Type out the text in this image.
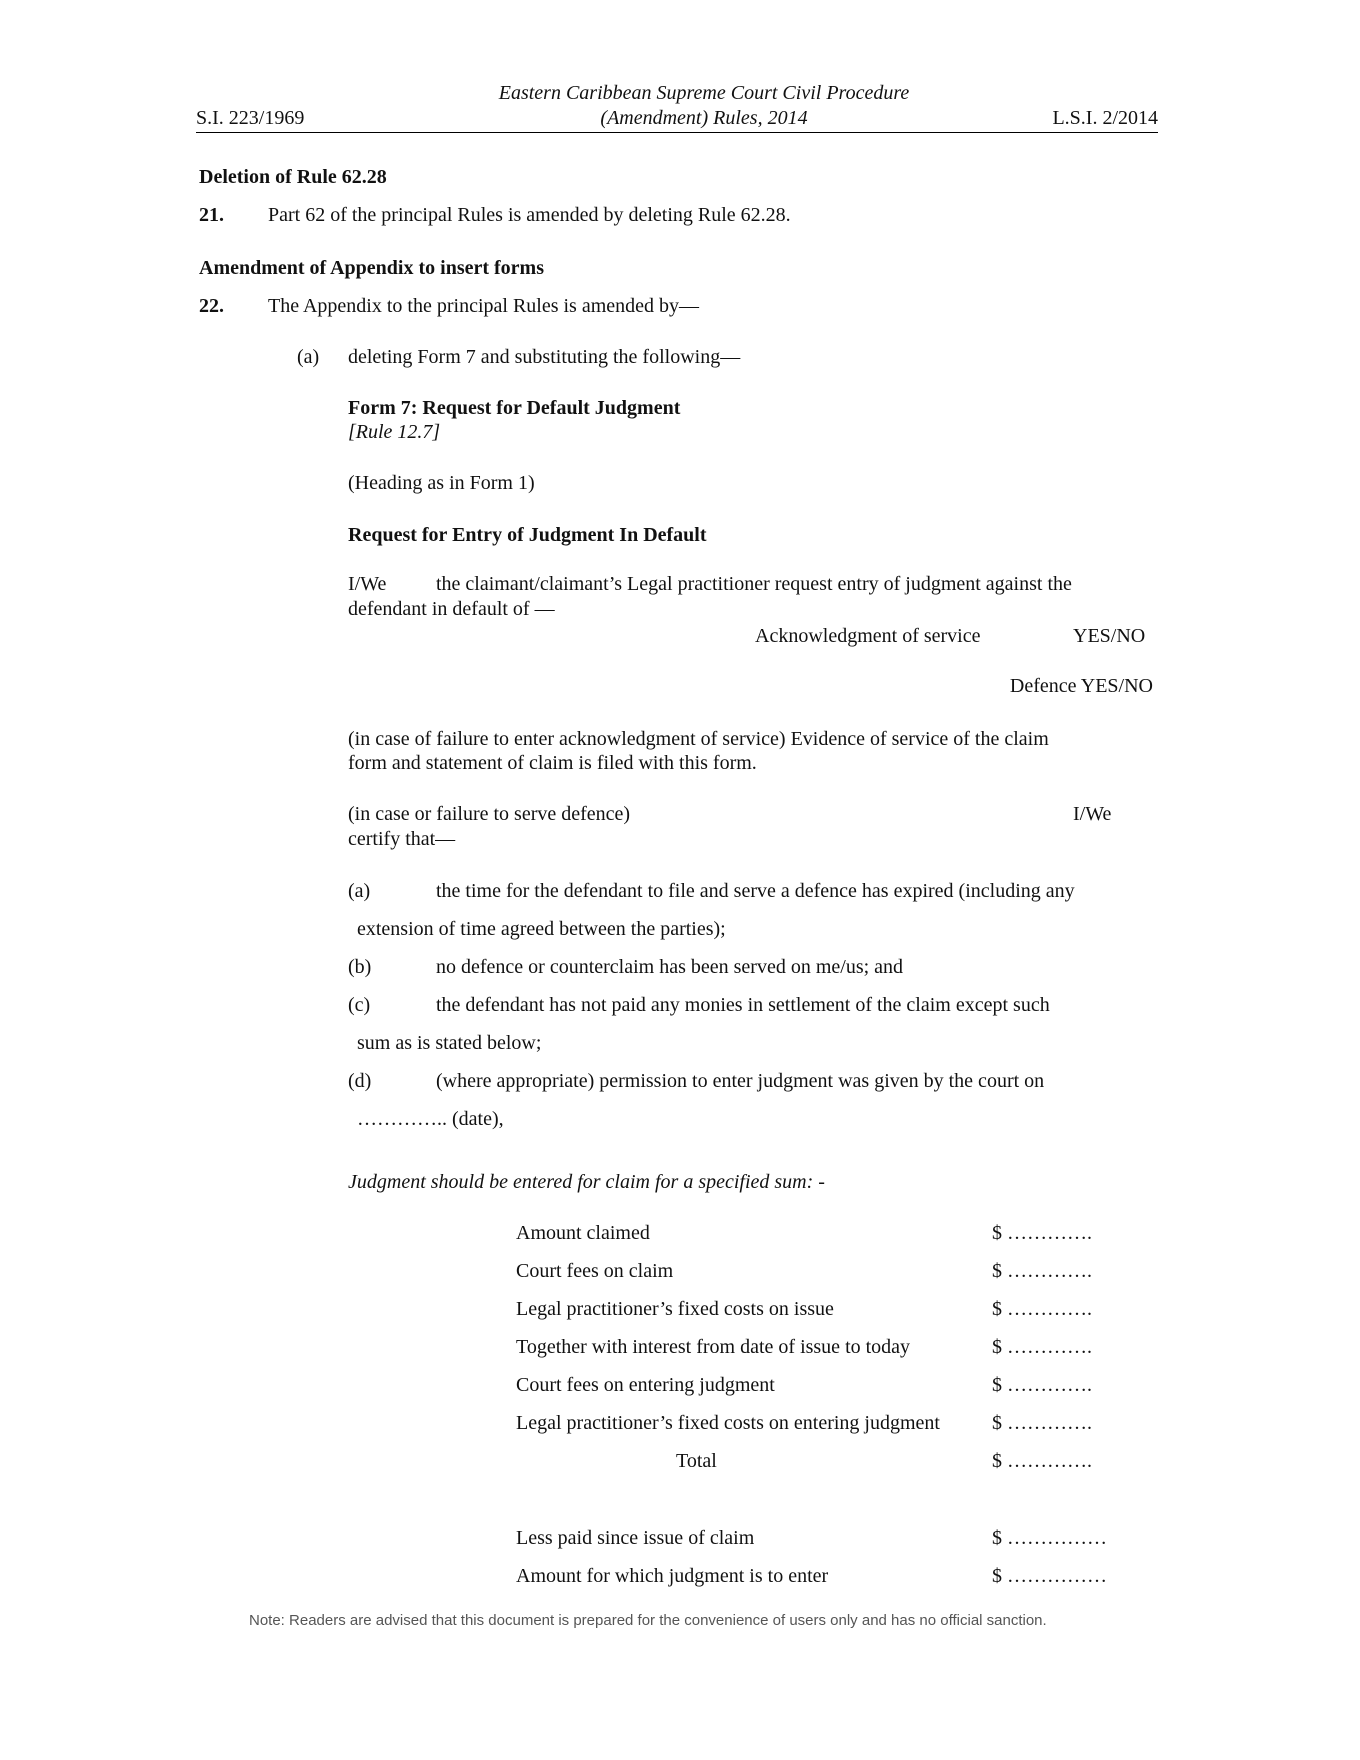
S.I. 223/1969
Eastern Caribbean Supreme Court Civil Procedure
(Amendment) Rules, 2014	L.S.I. 2/2014
Deletion of Rule 62.28
21. Part 62 of the principal Rules is amended by deleting Rule 62.28.
Amendment of Appendix to insert forms
22. The Appendix to the principal Rules is amended by—
(a) deleting Form 7 and substituting the following—
Form 7: Request for Default Judgment
[Rule 12.7]
(Heading as in Form 1)
Request for Entry of Judgment In Default
I/We the claimant/claimant’s Legal practitioner request entry of judgment against the
defendant in default of —
Acknowledgment of service	YES/NO
Defence YES/NO
(in case of failure to enter acknowledgment of service) Evidence of service of the claim
form and statement of claim is filed with this form.
(in case or failure to serve defence)	I/We
certify that—
(a)	the time for the defendant to file and serve a defence has expired (including any
extension of time agreed between the parties);
(b)	no defence or counterclaim has been served on me/us; and
(c)	the defendant has not paid any monies in settlement of the claim except such
sum as is stated below;
(d)	(where appropriate) permission to enter judgment was given by the court on
………….. (date),
Judgment should be entered for claim for a specified sum: -
Amount claimed	$ ………….
Court fees on claim	$ ………….
Legal practitioner’s fixed costs on issue	$ ………….
Together with interest from date of issue to today	$ ………….
Court fees on entering judgment	$ ………….
Legal practitioner’s fixed costs on entering judgment	$ ………….
Total	$ ………….
Less paid since issue of claim	$ ……………
Amount for which judgment is to enter	$ ……………
Note: Readers are advised that this document is prepared for the convenience of users only and has no official sanction.
